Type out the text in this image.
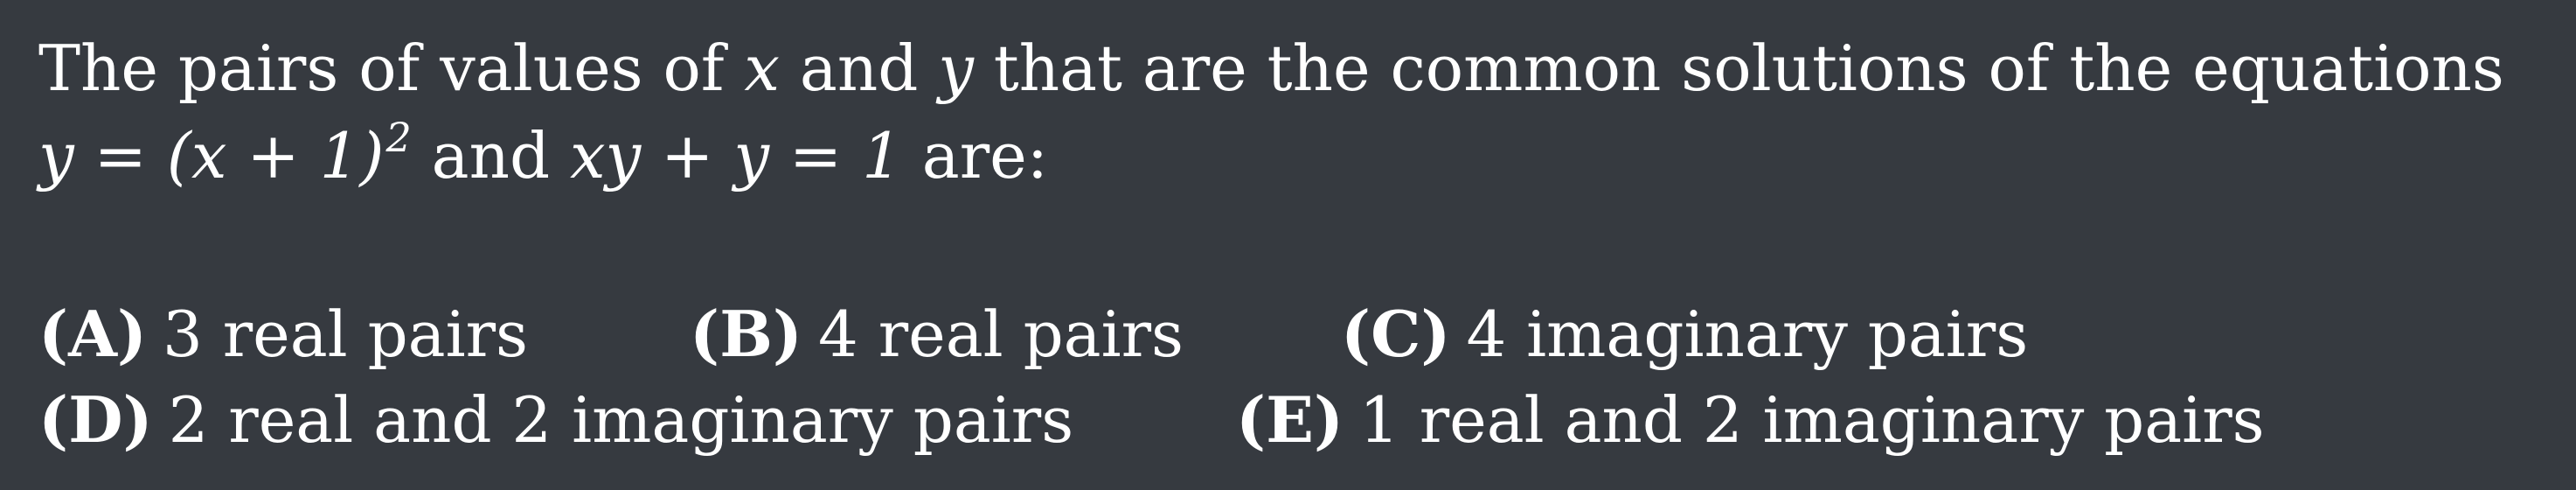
The pairs of values of x and y that are the common solutions of the equations
$y = (x + 1)^2$ and xy + y = 1 are:
(A) 3 real pairs	(B) 4 real pairs	(C) 4 imaginary pairs
(D) 2 real and 2 imaginary pairs	(E) 1 real and 2 imaginary pairs
